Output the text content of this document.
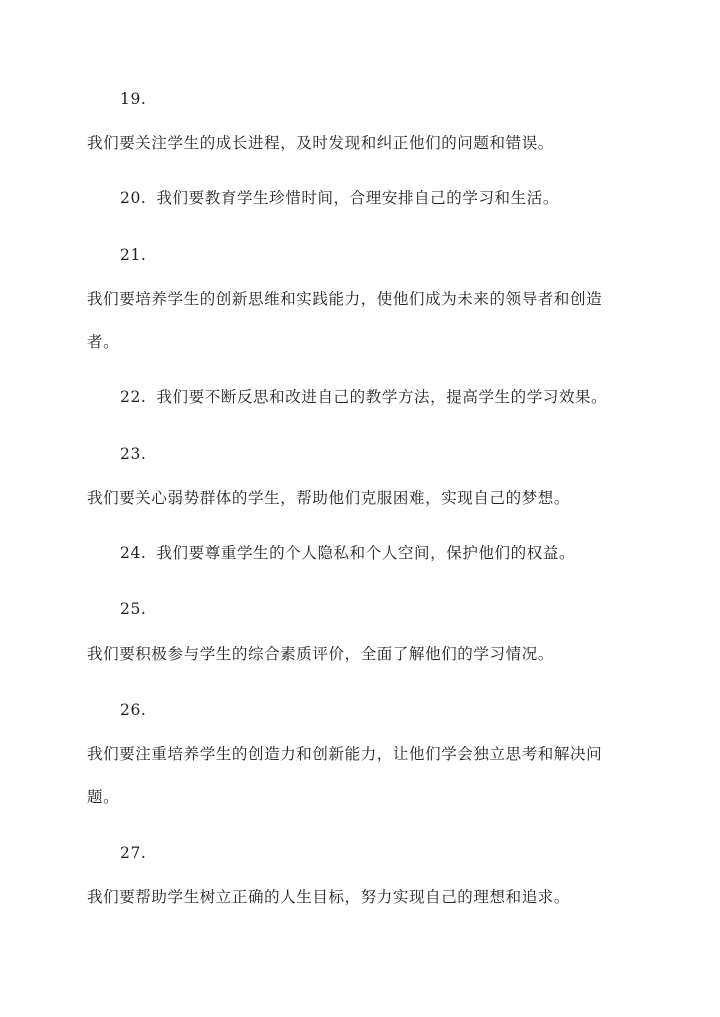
19.
我们要关注学生的成长进程，及时发现和纠正他们的问题和错误。
20. 我们要教育学生珍惜时间，合理安排自己的学习和生活。
21.
我们要培养学生的创新思维和实践能力，使他们成为未来的领导者和创造
者。
22. 我们要不断反思和改进自己的教学方法，提高学生的学习效果。
23.
我们要关心弱势群体的学生，帮助他们克服困难，实现自己的梦想。
24. 我们要尊重学生的个人隐私和个人空间，保护他们的权益。
25.
我们要积极参与学生的综合素质评价，全面了解他们的学习情况。
26.
我们要注重培养学生的创造力和创新能力，让他们学会独立思考和解决问
题。
27.
我们要帮助学生树立正确的人生目标，努力实现自己的理想和追求。
